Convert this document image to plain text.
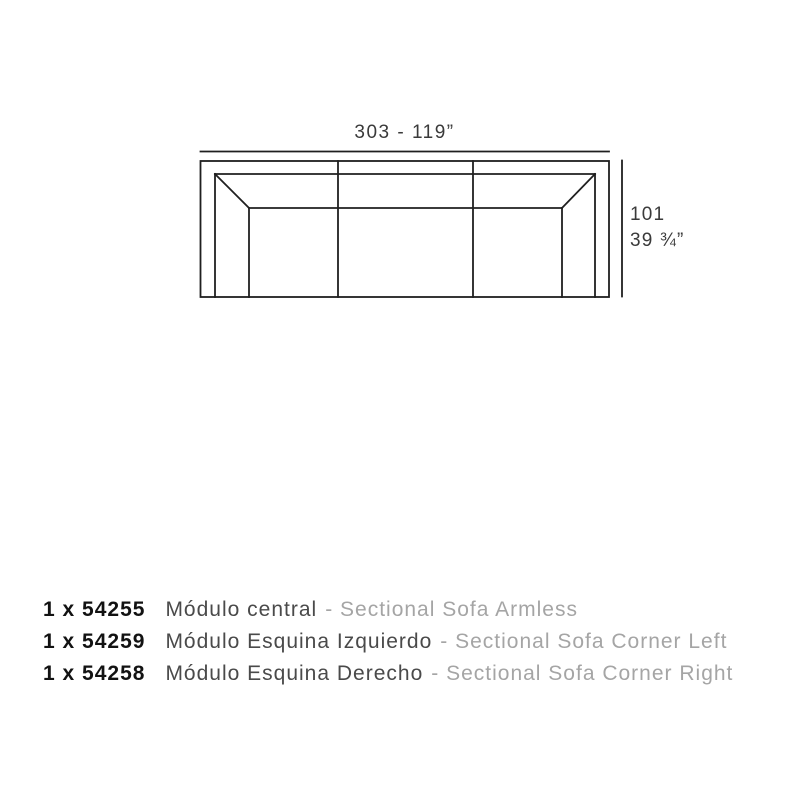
303 - 119”
101
39 ¾”
1 x 54255 Módulo central - Sectional Sofa Armless
1 x 54259 Módulo Esquina Izquierdo - Sectional Sofa Corner Left
1 x 54258 Módulo Esquina Derecho - Sectional Sofa Corner Right
